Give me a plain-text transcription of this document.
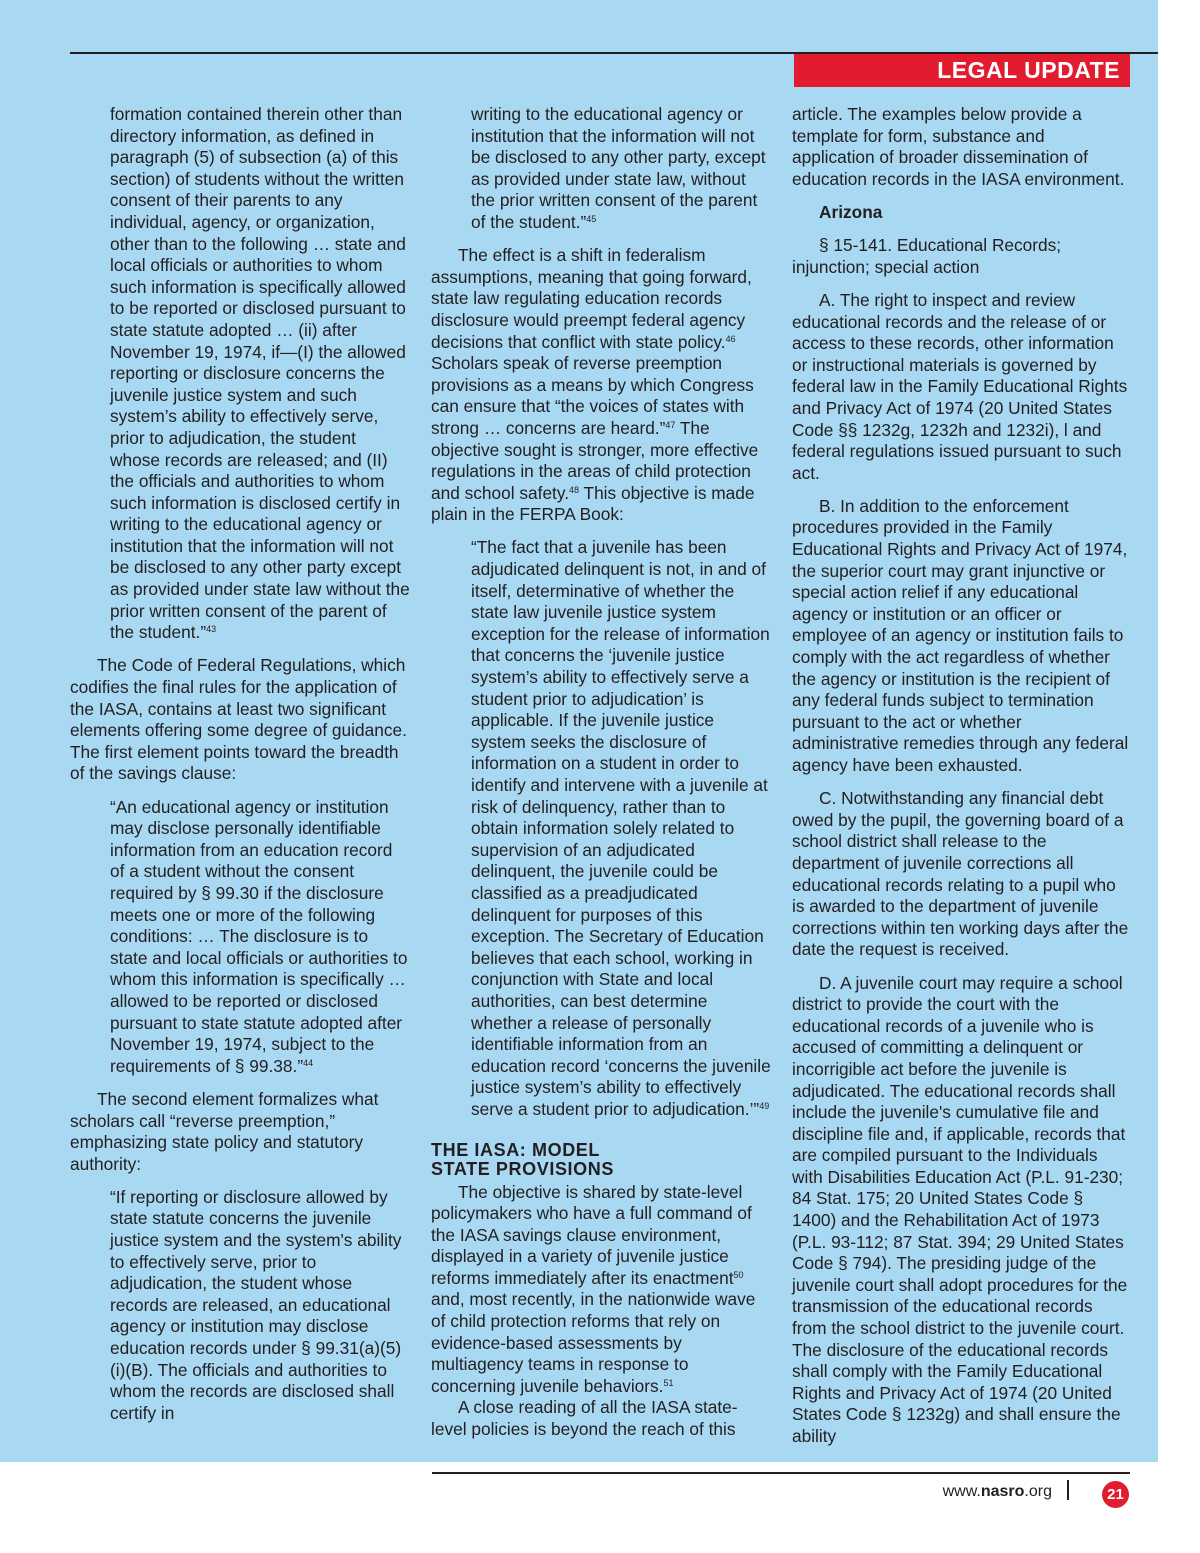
LEGAL UPDATE

formation contained therein other than directory information, as defined in paragraph (5) of subsection (a) of this section) of students without the written consent of their parents to any individual, agency, or organization, other than to the following … state and local officials or authorities to whom such information is specifically allowed to be reported or disclosed pursuant to state statute adopted … (ii) after November 19, 1974, if—(I) the allowed reporting or disclosure concerns the juvenile justice system and such system’s ability to effectively serve, prior to adjudication, the student whose records are released; and (II) the officials and authorities to whom such information is disclosed certify in writing to the educational agency or institution that the information will not be disclosed to any other party except as provided under state law without the prior written consent of the parent of the student.”$^{43}$

The Code of Federal Regulations, which codifies the final rules for the application of the IASA, contains at least two significant elements offering some degree of guidance. The first element points toward the breadth of the savings clause:

“An educational agency or institution may disclose personally identifiable information from an education record of a student without the consent required by § 99.30 if the disclosure meets one or more of the following conditions: … The disclosure is to state and local officials or authorities to whom this information is specifically … allowed to be reported or disclosed pursuant to state statute adopted after November 19, 1974, subject to the requirements of § 99.38.”$^{44}$

The second element formalizes what scholars call “reverse preemption,” emphasizing state policy and statutory authority:

“If reporting or disclosure allowed by state statute concerns the juvenile justice system and the system's ability to effectively serve, prior to adjudication, the student whose records are released, an educational agency or institution may disclose education records under § 99.31(a)(5)(i)(B). The officials and authorities to whom the records are disclosed shall certify in

writing to the educational agency or institution that the information will not be disclosed to any other party, except as provided under state law, without the prior written consent of the parent of the student.”$^{45}$

The effect is a shift in federalism assumptions, meaning that going forward, state law regulating education records disclosure would preempt federal agency decisions that conflict with state policy.$^{46}$ Scholars speak of reverse preemption provisions as a means by which Congress can ensure that “the voices of states with strong … concerns are heard.”$^{47}$ The objective sought is stronger, more effective regulations in the areas of child protection and school safety.$^{48}$ This objective is made plain in the FERPA Book:

“The fact that a juvenile has been adjudicated delinquent is not, in and of itself, determinative of whether the state law juvenile justice system exception for the release of information that concerns the ‘juvenile justice system’s ability to effectively serve a student prior to adjudication’ is applicable. If the juvenile justice system seeks the disclosure of information on a student in order to identify and intervene with a juvenile at risk of delinquency, rather than to obtain information solely related to supervision of an adjudicated delinquent, the juvenile could be classified as a preadjudicated delinquent for purposes of this exception. The Secretary of Education believes that each school, working in conjunction with State and local authorities, can best determine whether a release of personally identifiable information from an education record ‘concerns the juvenile justice system’s ability to effectively serve a student prior to adjudication.’”$^{49}$

THE IASA: MODEL
STATE PROVISIONS

The objective is shared by state-level policymakers who have a full command of the IASA savings clause environment, displayed in a variety of juvenile justice reforms immediately after its enactment$^{50}$ and, most recently, in the nationwide wave of child protection reforms that rely on evidence-based assessments by multiagency teams in response to concerning juvenile behaviors.$^{51}$

A close reading of all the IASA state-level policies is beyond the reach of this

article. The examples below provide a template for form, substance and application of broader dissemination of education records in the IASA environment.

Arizona

§ 15-141. Educational Records; injunction; special action

A. The right to inspect and review educational records and the release of or access to these records, other information or instructional materials is governed by federal law in the Family Educational Rights and Privacy Act of 1974 (20 United States Code §§ 1232g, 1232h and 1232i), l and federal regulations issued pursuant to such act.

B. In addition to the enforcement procedures provided in the Family Educational Rights and Privacy Act of 1974, the superior court may grant injunctive or special action relief if any educational agency or institution or an officer or employee of an agency or institution fails to comply with the act regardless of whether the agency or institution is the recipient of any federal funds subject to termination pursuant to the act or whether administrative remedies through any federal agency have been exhausted.

C. Notwithstanding any financial debt owed by the pupil, the governing board of a school district shall release to the department of juvenile corrections all educational records relating to a pupil who is awarded to the department of juvenile corrections within ten working days after the date the request is received.

D. A juvenile court may require a school district to provide the court with the educational records of a juvenile who is accused of committing a delinquent or incorrigible act before the juvenile is adjudicated. The educational records shall include the juvenile's cumulative file and discipline file and, if applicable, records that are compiled pursuant to the Individuals with Disabilities Education Act (P.L. 91-230; 84 Stat. 175; 20 United States Code § 1400) and the Rehabilitation Act of 1973 (P.L. 93-112; 87 Stat. 394; 29 United States Code § 794). The presiding judge of the juvenile court shall adopt procedures for the transmission of the educational records from the school district to the juvenile court. The disclosure of the educational records shall comply with the Family Educational Rights and Privacy Act of 1974 (20 United States Code § 1232g) and shall ensure the ability

www.nasro.org	21
